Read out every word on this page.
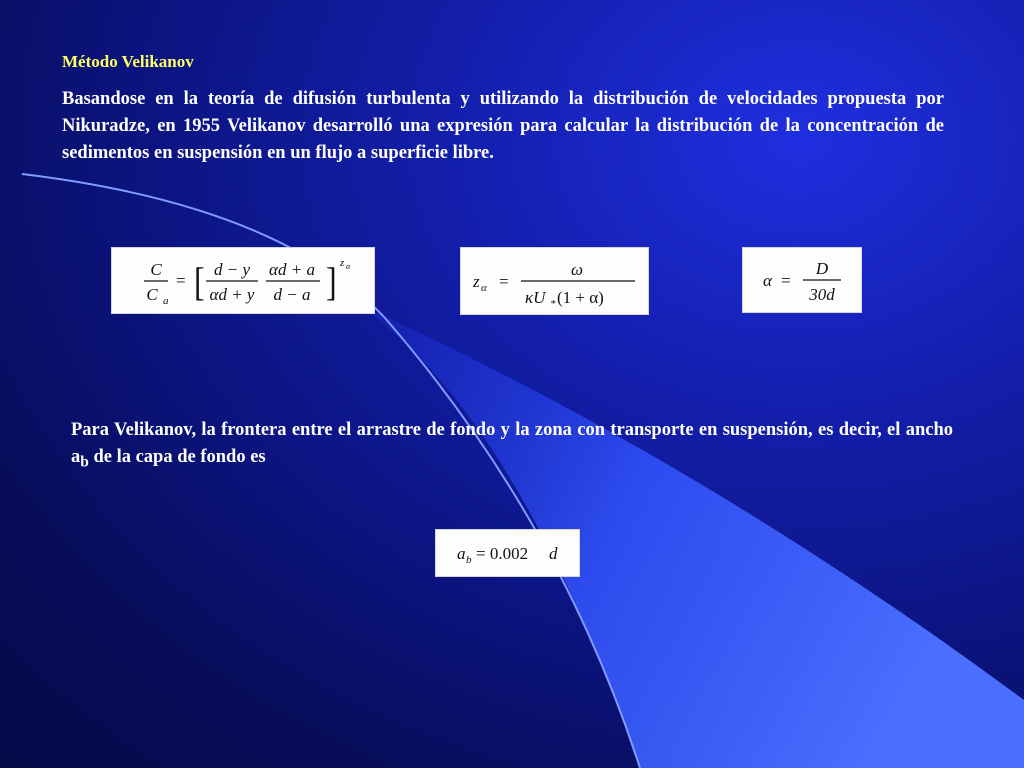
Método Velikanov

Basandose en la teoría de difusión turbulenta y utilizando la distribución de velocidades propuesta por Nikuradze, en 1955 Velikanov desarrolló una expresión para calcular la distribución de la concentración de sedimentos en suspensión en un flujo a superficie libre.

C
C a
= [ d − y
αd + y
αd + a
d − a ] z α
z α =
ω
κU * (1 + α)
α =
D
30d

Para Velikanov, la frontera entre el arrastre de fondo y la zona con transporte en suspensión, es decir, el ancho $a_b$ de la capa de fondo es

a b = 0.002 d
